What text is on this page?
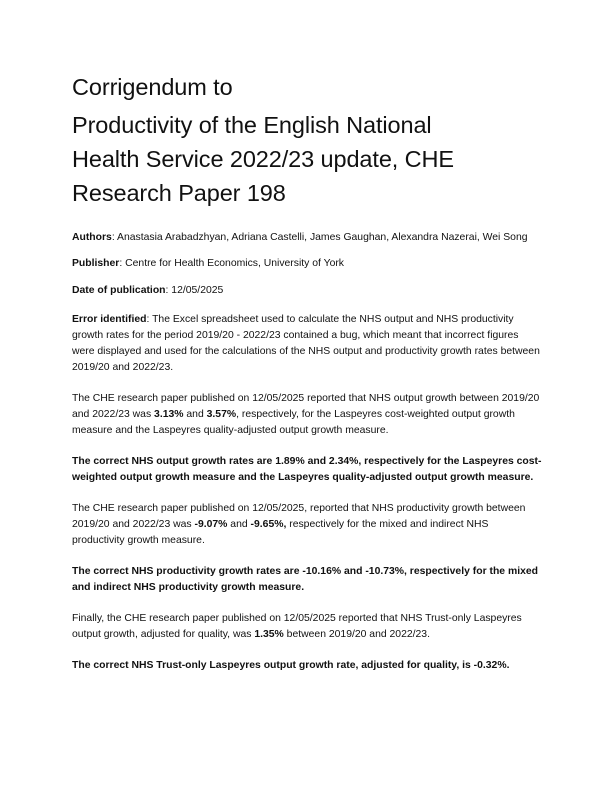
Corrigendum to
Productivity of the English National
Health Service 2022/23 update, CHE
Research Paper 198

Authors: Anastasia Arabadzhyan, Adriana Castelli, James Gaughan, Alexandra Nazerai, Wei Song

Publisher: Centre for Health Economics, University of York

Date of publication: 12/05/2025

Error identified: The Excel spreadsheet used to calculate the NHS output and NHS productivity growth rates for the period 2019/20 - 2022/23 contained a bug, which meant that incorrect figures were displayed and used for the calculations of the NHS output and productivity growth rates between 2019/20 and 2022/23.

The CHE research paper published on 12/05/2025 reported that NHS output growth between 2019/20 and 2022/23 was 3.13% and 3.57%, respectively, for the Laspeyres cost-weighted output growth measure and the Laspeyres quality-adjusted output growth measure.

The correct NHS output growth rates are 1.89% and 2.34%, respectively for the Laspeyres cost-weighted output growth measure and the Laspeyres quality-adjusted output growth measure.

The CHE research paper published on 12/05/2025, reported that NHS productivity growth between 2019/20 and 2022/23 was -9.07% and -9.65%, respectively for the mixed and indirect NHS productivity growth measure.

The correct NHS productivity growth rates are -10.16% and -10.73%, respectively for the mixed and indirect NHS productivity growth measure.

Finally, the CHE research paper published on 12/05/2025 reported that NHS Trust-only Laspeyres output growth, adjusted for quality, was 1.35% between 2019/20 and 2022/23.

The correct NHS Trust-only Laspeyres output growth rate, adjusted for quality, is -0.32%.
